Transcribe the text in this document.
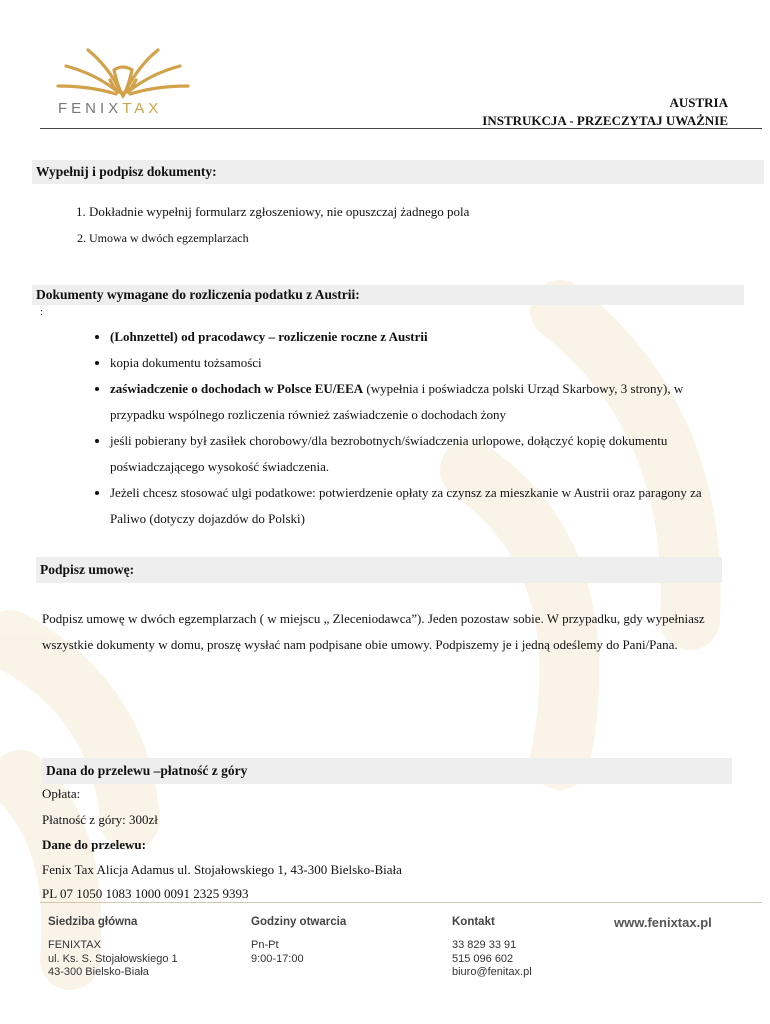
FENIXTAX	AUSTRIA
INSTRUKCJA - PRZECZYTAJ UWAŻNIE
Wypełnij i podpisz dokumenty:
1. Dokładnie wypełnij formularz zgłoszeniowy, nie opuszczaj żadnego pola
2. Umowa w dwóch egzemplarzach
Dokumenty wymagane do rozliczenia podatku z Austrii:
:
• (Lohnzettel) od pracodawcy – rozliczenie roczne z Austrii
• kopia dokumentu tożsamości
• zaświadczenie o dochodach w Polsce EU/EEA (wypełnia i poświadcza polski Urząd Skarbowy, 3 strony), w przypadku wspólnego rozliczenia również zaświadczenie o dochodach żony
• jeśli pobierany był zasiłek chorobowy/dla bezrobotnych/świadczenia urlopowe, dołączyć kopię dokumentu poświadczającego wysokość świadczenia.
• Jeżeli chcesz stosować ulgi podatkowe: potwierdzenie opłaty za czynsz za mieszkanie w Austrii oraz paragony za Paliwo (dotyczy dojazdów do Polski)
Podpisz umowę:
Podpisz umowę w dwóch egzemplarzach ( w miejscu „ Zleceniodawca”). Jeden pozostaw sobie. W przypadku, gdy wypełniasz wszystkie dokumenty w domu, proszę wysłać nam podpisane obie umowy. Podpiszemy je i jedną odeślemy do Pani/Pana.
Dana do przelewu –płatność z góry
Opłata:
Płatność z góry: 300zł
Dane do przelewu:
Fenix Tax Alicja Adamus ul. Stojałowskiego 1, 43-300 Bielsko-Biała
PL 07 1050 1083 1000 0091 2325 9393
Siedziba główna
FENIXTAX
ul. Ks. S. Stojałowskiego 1
43-300 Bielsko-Biała
Godziny otwarcia
Pn-Pt
9:00-17:00
Kontakt
33 829 33 91
515 096 602
biuro@fenitax.pl
www.fenixtax.pl
